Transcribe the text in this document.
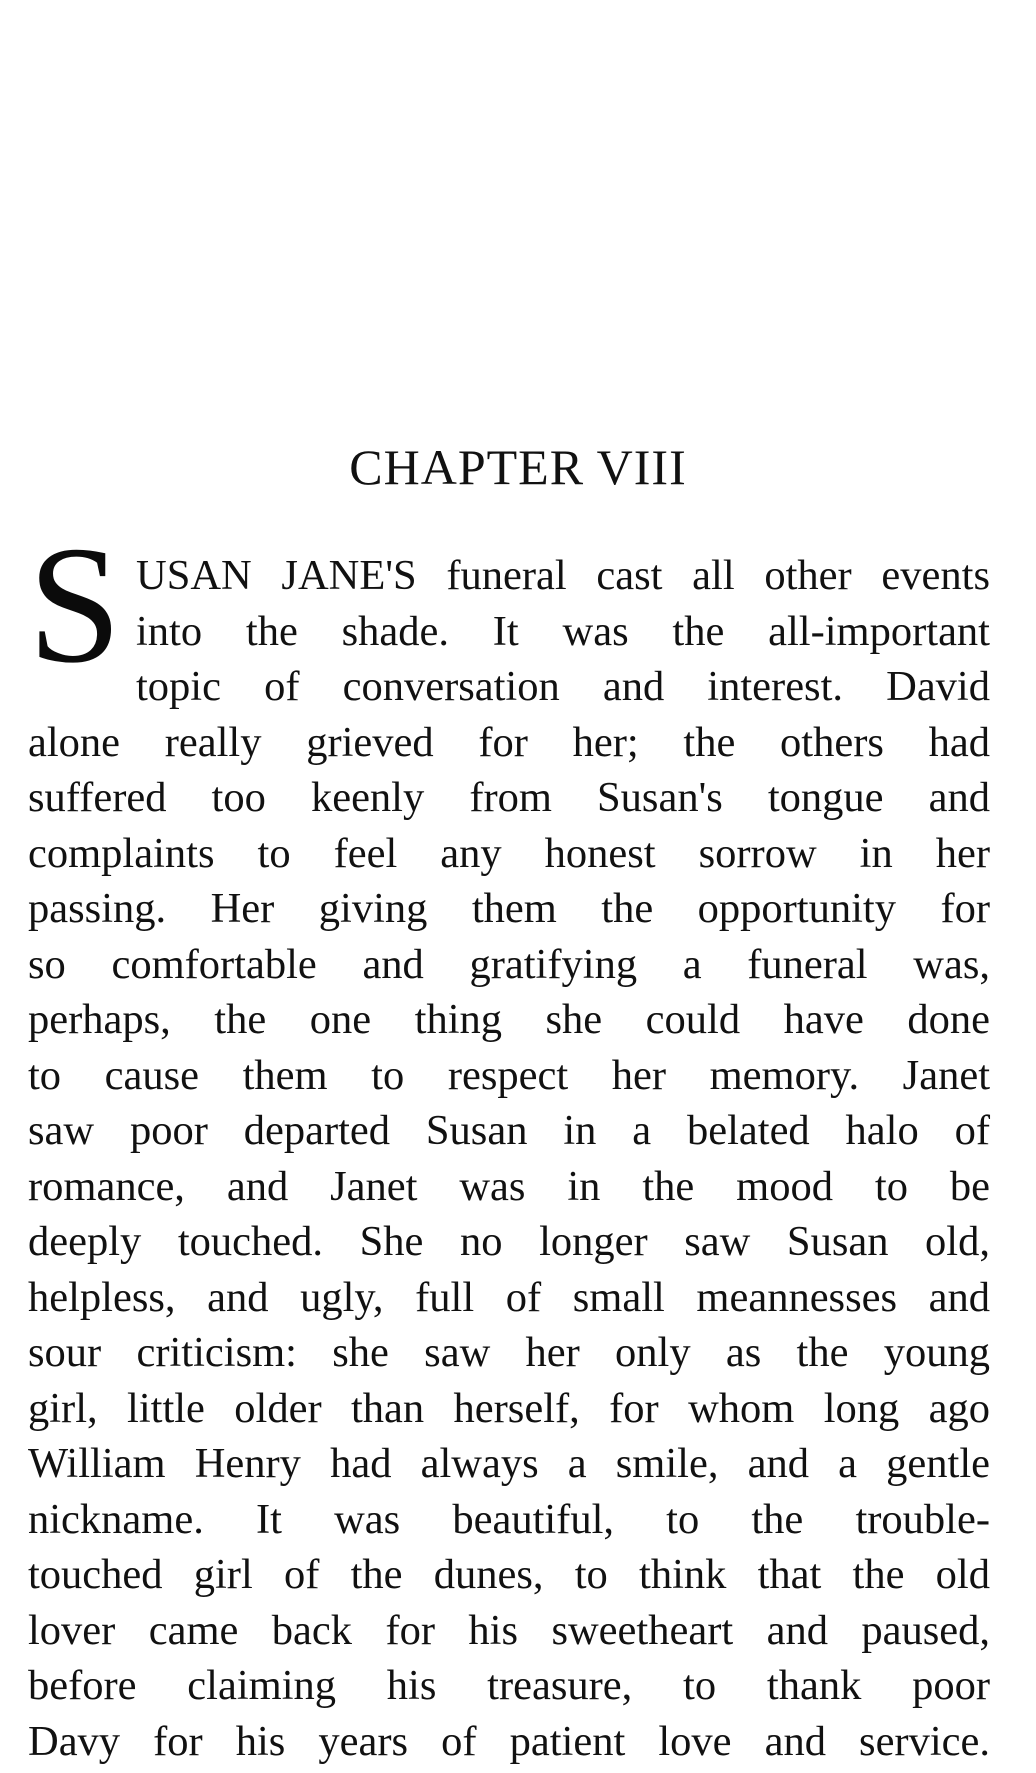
CHAPTER VIII
S USAN JANE'S funeral cast all other events
into the shade. It was the all-important
topic of conversation and interest. David
alone really grieved for her; the others had
suffered too keenly from Susan's tongue and
complaints to feel any honest sorrow in her
passing. Her giving them the opportunity for
so comfortable and gratifying a funeral was,
perhaps, the one thing she could have done
to cause them to respect her memory. Janet
saw poor departed Susan in a belated halo of
romance, and Janet was in the mood to be
deeply touched. She no longer saw Susan old,
helpless, and ugly, full of small meannesses and
sour criticism: she saw her only as the young
girl, little older than herself, for whom long ago
William Henry had always a smile, and a gentle
nickname. It was beautiful, to the trouble-
touched girl of the dunes, to think that the old
lover came back for his sweetheart and paused,
before claiming his treasure, to thank poor
Davy for his years of patient love and service.
